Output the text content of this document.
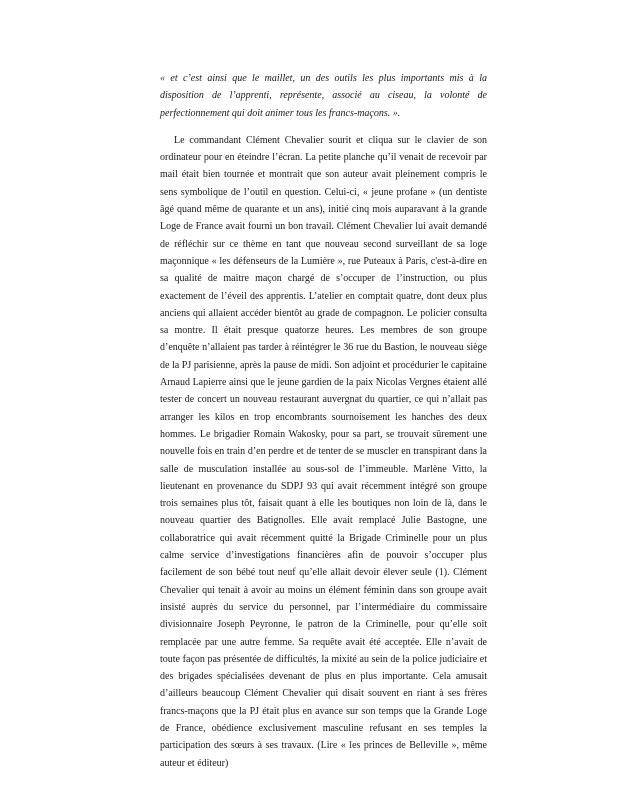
« et c’est ainsi que le maillet, un des outils les plus importants mis à la disposition de l’apprenti, représente, associé au ciseau, la volonté de perfectionnement qui doit animer tous les francs-maçons. ».

Le commandant Clément Chevalier sourit et cliqua sur le clavier de son ordinateur pour en éteindre l’écran. La petite planche qu’il venait de recevoir par mail était bien tournée et montrait que son auteur avait pleinement compris le sens symbolique de l’outil en question. Celui-ci, « jeune profane » (un dentiste âgé quand même de quarante et un ans), initié cinq mois auparavant à la grande Loge de France avait fourni un bon travail. Clément Chevalier lui avait demandé de réfléchir sur ce thème en tant que nouveau second surveillant de sa loge maçonnique « les défenseurs de la Lumière », rue Puteaux à Paris, c'est-à-dire en sa qualité de maitre maçon chargé de s’occuper de l’instruction, ou plus exactement de l’éveil des apprentis. L’atelier en comptait quatre, dont deux plus anciens qui allaient accéder bientôt au grade de compagnon. Le policier consulta sa montre. Il était presque quatorze heures. Les membres de son groupe d’enquête n’allaient pas tarder à réintégrer le 36 rue du Bastion, le nouveau siège de la PJ parisienne, après la pause de midi. Son adjoint et procédurier le capitaine Arnaud Lapierre ainsi que le jeune gardien de la paix Nicolas Vergnes étaient allé tester de concert un nouveau restaurant auvergnat du quartier, ce qui n’allait pas arranger les kilos en trop encombrants sournoisement les hanches des deux hommes. Le brigadier Romain Wakosky, pour sa part, se trouvait sûrement une nouvelle fois en train d’en perdre et de tenter de se muscler en transpirant dans la salle de musculation installée au sous-sol de l’immeuble. Marlène Vitto, la lieutenant en provenance du SDPJ 93 qui avait récemment intégré son groupe trois semaines plus tôt, faisait quant à elle les boutiques non loin de là, dans le nouveau quartier des Batignolles. Elle avait remplacé Julie Bastogne, une collaboratrice qui avait récemment quitté la Brigade Criminelle pour un plus calme service d’investigations financières afin de pouvoir s’occuper plus facilement de son bébé tout neuf qu’elle allait devoir élever seule (1). Clément Chevalier qui tenait à avoir au moins un élément féminin dans son groupe avait insisté auprès du service du personnel, par l’intermédiaire du commissaire divisionnaire Joseph Peyronne, le patron de la Criminelle, pour qu’elle soit remplacée par une autre femme. Sa requête avait été acceptée. Elle n’avait de toute façon pas présentée de difficultés, la mixité au sein de la police judiciaire et des brigades spécialisées devenant de plus en plus importante. Cela amusait d’ailleurs beaucoup Clément Chevalier qui disait souvent en riant à ses frères francs-maçons que la PJ était plus en avance sur son temps que la Grande Loge de France, obédience exclusivement masculine refusant en ses temples la participation des sœurs à ses travaux. (Lire « les princes de Belleville », même auteur et éditeur)
